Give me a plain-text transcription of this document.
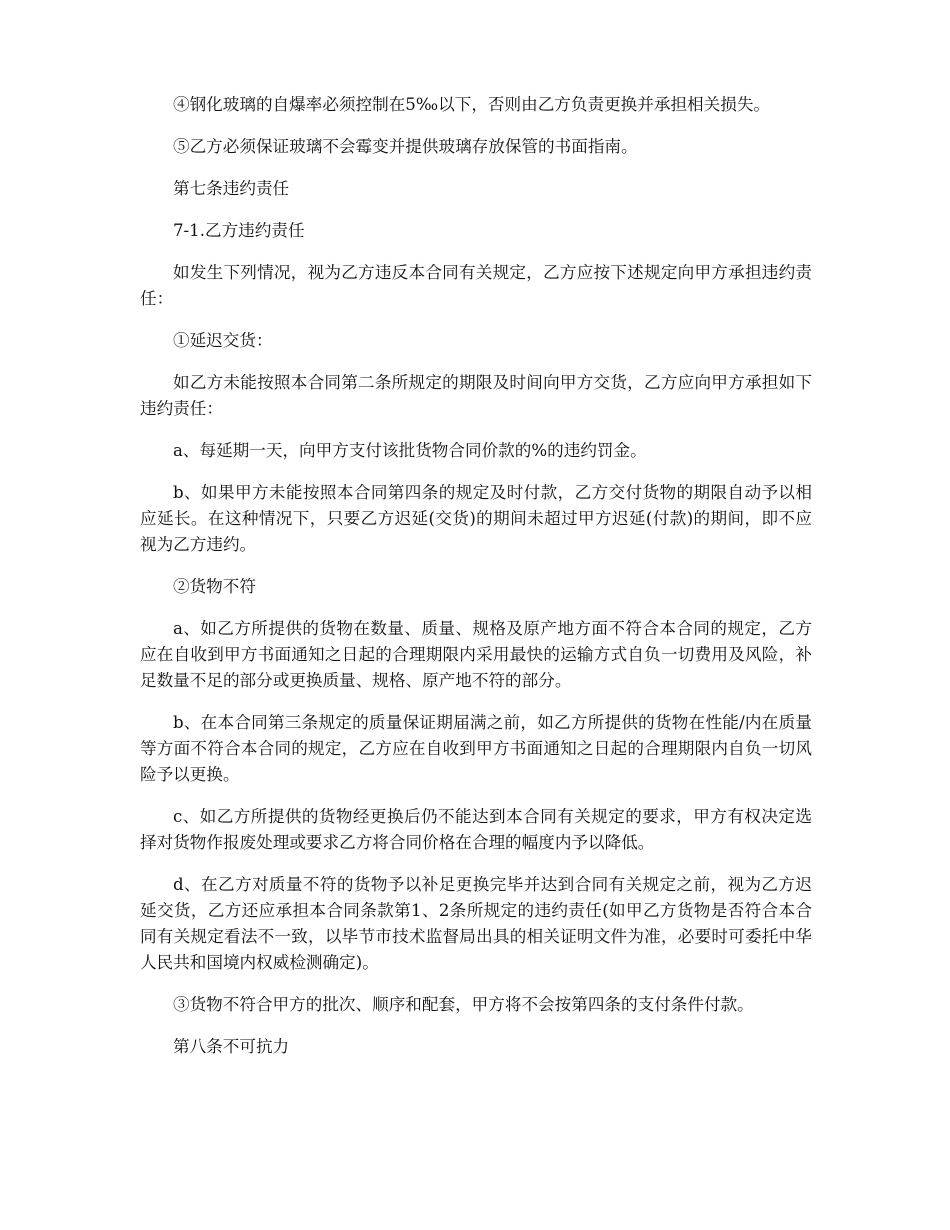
④钢化玻璃的自爆率必须控制在5‰以下，否则由乙方负责更换并承担相关损失。

⑤乙方必须保证玻璃不会霉变并提供玻璃存放保管的书面指南。

第七条违约责任

7-1.乙方违约责任

如发生下列情况，视为乙方违反本合同有关规定，乙方应按下述规定向甲方承担违约责任：

①延迟交货：

如乙方未能按照本合同第二条所规定的期限及时间向甲方交货，乙方应向甲方承担如下违约责任：

a、每延期一天，向甲方支付该批货物合同价款的%的违约罚金。

b、如果甲方未能按照本合同第四条的规定及时付款，乙方交付货物的期限自动予以相应延长。在这种情况下，只要乙方迟延(交货)的期间未超过甲方迟延(付款)的期间，即不应视为乙方违约。

②货物不符

a、如乙方所提供的货物在数量、质量、规格及原产地方面不符合本合同的规定，乙方应在自收到甲方书面通知之日起的合理期限内采用最快的运输方式自负一切费用及风险，补足数量不足的部分或更换质量、规格、原产地不符的部分。

b、在本合同第三条规定的质量保证期届满之前，如乙方所提供的货物在性能/内在质量等方面不符合本合同的规定，乙方应在自收到甲方书面通知之日起的合理期限内自负一切风险予以更换。

c、如乙方所提供的货物经更换后仍不能达到本合同有关规定的要求，甲方有权决定选择对货物作报废处理或要求乙方将合同价格在合理的幅度内予以降低。

d、在乙方对质量不符的货物予以补足更换完毕并达到合同有关规定之前，视为乙方迟延交货，乙方还应承担本合同条款第1、2条所规定的违约责任(如甲乙方货物是否符合本合同有关规定看法不一致，以毕节市技术监督局出具的相关证明文件为准，必要时可委托中华人民共和国境内权威检测确定)。

③货物不符合甲方的批次、顺序和配套，甲方将不会按第四条的支付条件付款。

第八条不可抗力
